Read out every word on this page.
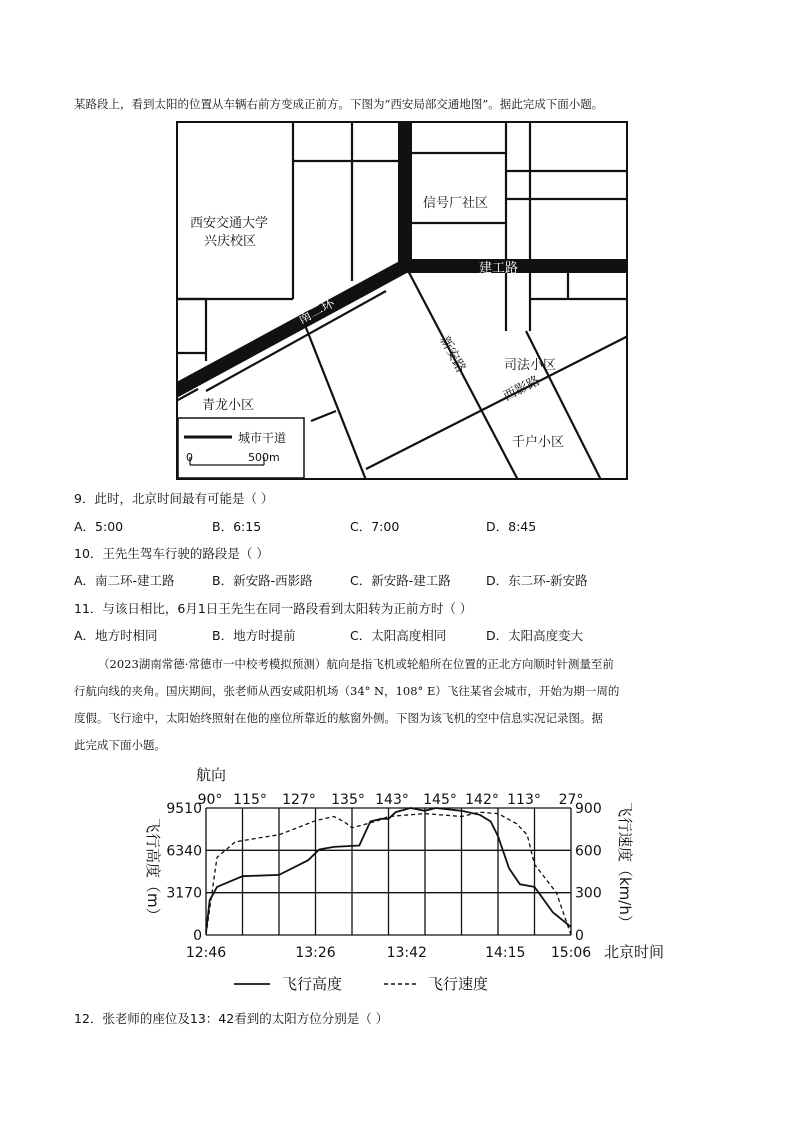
某路段上，看到太阳的位置从车辆右前方变成正前方。下图为“西安局部交通地图”。据此完成下面小题。
西安交通大学
兴庆校区
信号厂社区
司法小区
青龙小区
千户小区
建工路
东
二
环
南二环
新安路
西影路
城市干道
0	500m
9．此时，北京时间最有可能是（ ）
A．5:00	B．6:15	C．7:00	D．8:45
10．王先生驾车行驶的路段是（ ）
A．南二环-建工路	B．新安路-西影路	C．新安路-建工路	D．东二环-新安路
11．与该日相比，6月1日王先生在同一路段看到太阳转为正前方时（ ）
A．地方时相同	B．地方时提前	C．太阳高度相同	D．太阳高度变大
（2023湖南常德·常德市一中校考模拟预测）航向是指飞机或轮船所在位置的正北方向顺时针测量至前
行航向线的夹角。国庆期间，张老师从西安咸阳机场（34° N，108° E）飞往某省会城市，开始为期一周的
度假。飞行途中，太阳始终照射在他的座位所靠近的舷窗外侧。下图为该飞机的空中信息实况记录图。据
此完成下面小题。
航向
90° 115° 127° 135° 143° 145° 142° 113° 27°
9510
6340
3170
0
900
600
300
0
12:46	13:26	13:42	14:15 15:06
飞行高度（m）	飞行速度（km/h）
北京时间
飞行高度	飞行速度
12．张老师的座位及13：42看到的太阳方位分别是（ ）
